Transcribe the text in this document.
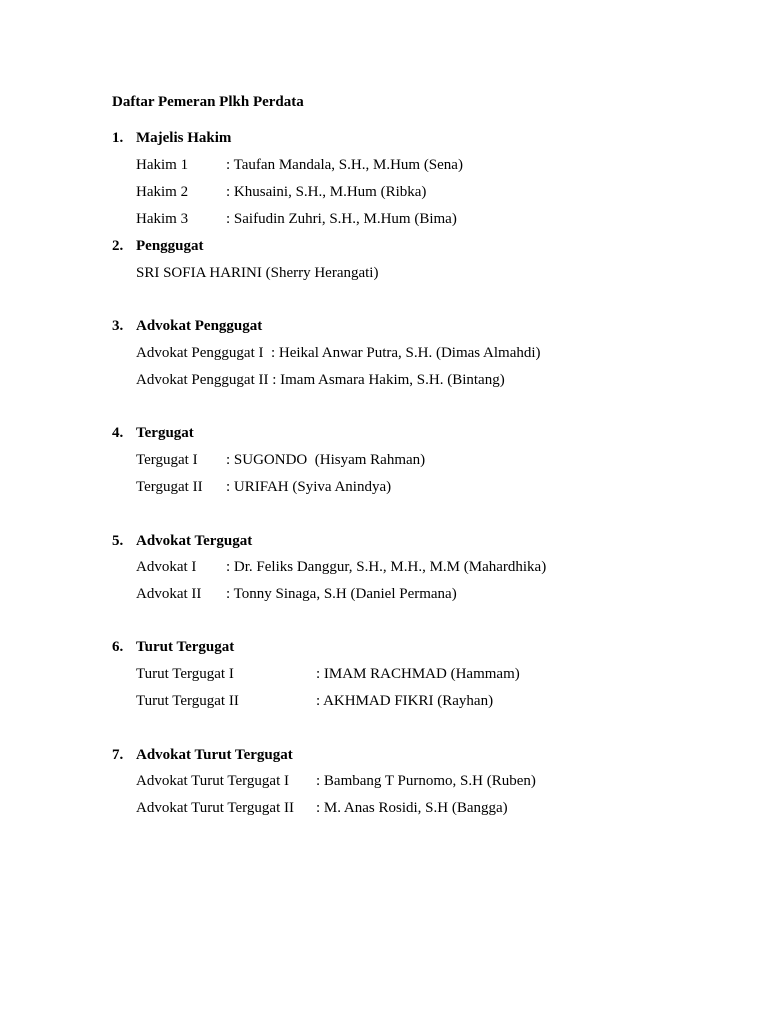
Daftar Pemeran Plkh Perdata
1. Majelis Hakim
Hakim 1	: Taufan Mandala, S.H., M.Hum (Sena)
Hakim 2	: Khusaini, S.H., M.Hum (Ribka)
Hakim 3	: Saifudin Zuhri, S.H., M.Hum (Bima)
2. Penggugat
SRI SOFIA HARINI (Sherry Herangati)
3. Advokat Penggugat
Advokat Penggugat I  : Heikal Anwar Putra, S.H. (Dimas Almahdi)
Advokat Penggugat II : Imam Asmara Hakim, S.H. (Bintang)
4. Tergugat
Tergugat I : SUGONDO  (Hisyam Rahman)
Tergugat II : URIFAH (Syiva Anindya)
5. Advokat Tergugat
Advokat I : Dr. Feliks Danggur, S.H., M.H., M.M (Mahardhika)
Advokat II : Tonny Sinaga, S.H (Daniel Permana)
6. Turut Tergugat
Turut Tergugat I	: IMAM RACHMAD (Hammam)
Turut Tergugat II	: AKHMAD FIKRI (Rayhan)
7. Advokat Turut Tergugat
Advokat Turut Tergugat I : Bambang T Purnomo, S.H (Ruben)
Advokat Turut Tergugat II : M. Anas Rosidi, S.H (Bangga)
